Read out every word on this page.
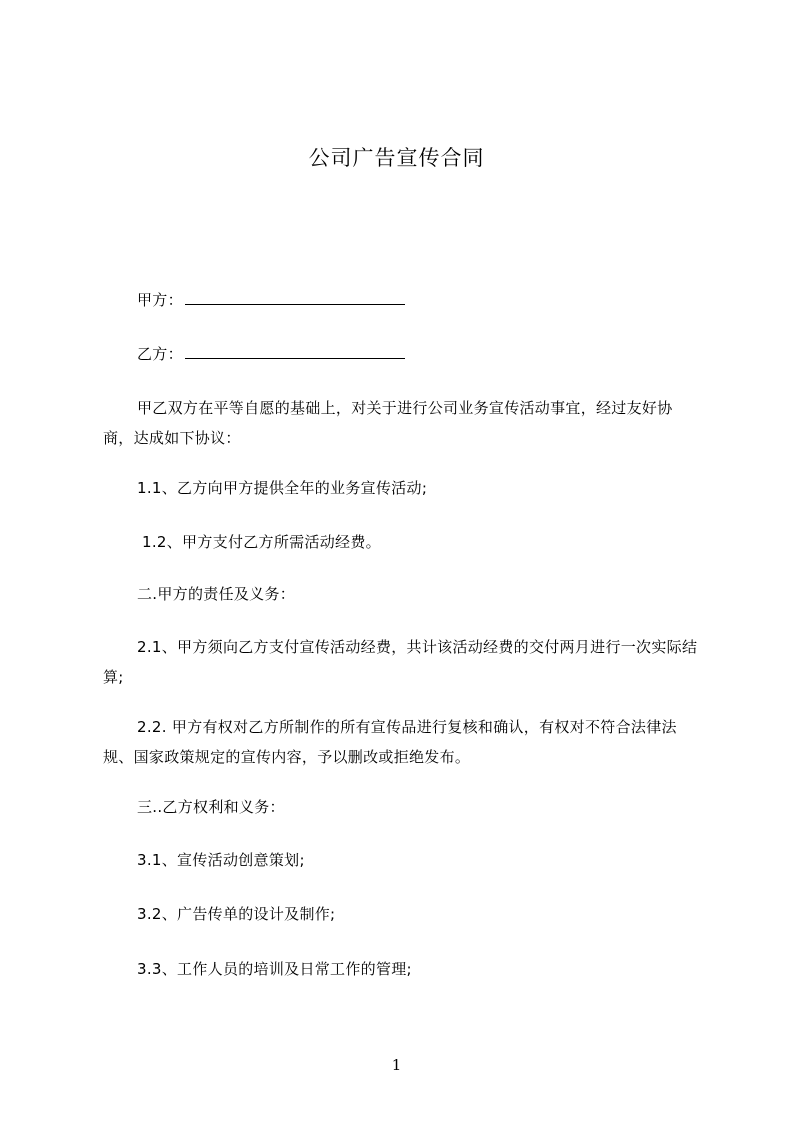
公司广告宣传合同
甲方：
乙方：
甲乙双方在平等自愿的基础上，对关于进行公司业务宣传活动事宜，经过友好协商，达成如下协议：
1.1、乙方向甲方提供全年的业务宣传活动;
1.2、甲方支付乙方所需活动经费。
二.甲方的责任及义务：
2.1、甲方须向乙方支付宣传活动经费，共计该活动经费的交付两月进行一次实际结算;
2.2. 甲方有权对乙方所制作的所有宣传品进行复核和确认，有权对不符合法律法规、国家政策规定的宣传内容，予以删改或拒绝发布。
三..乙方权利和义务：
3.1、宣传活动创意策划;
3.2、广告传单的设计及制作;
3.3、工作人员的培训及日常工作的管理;
1
